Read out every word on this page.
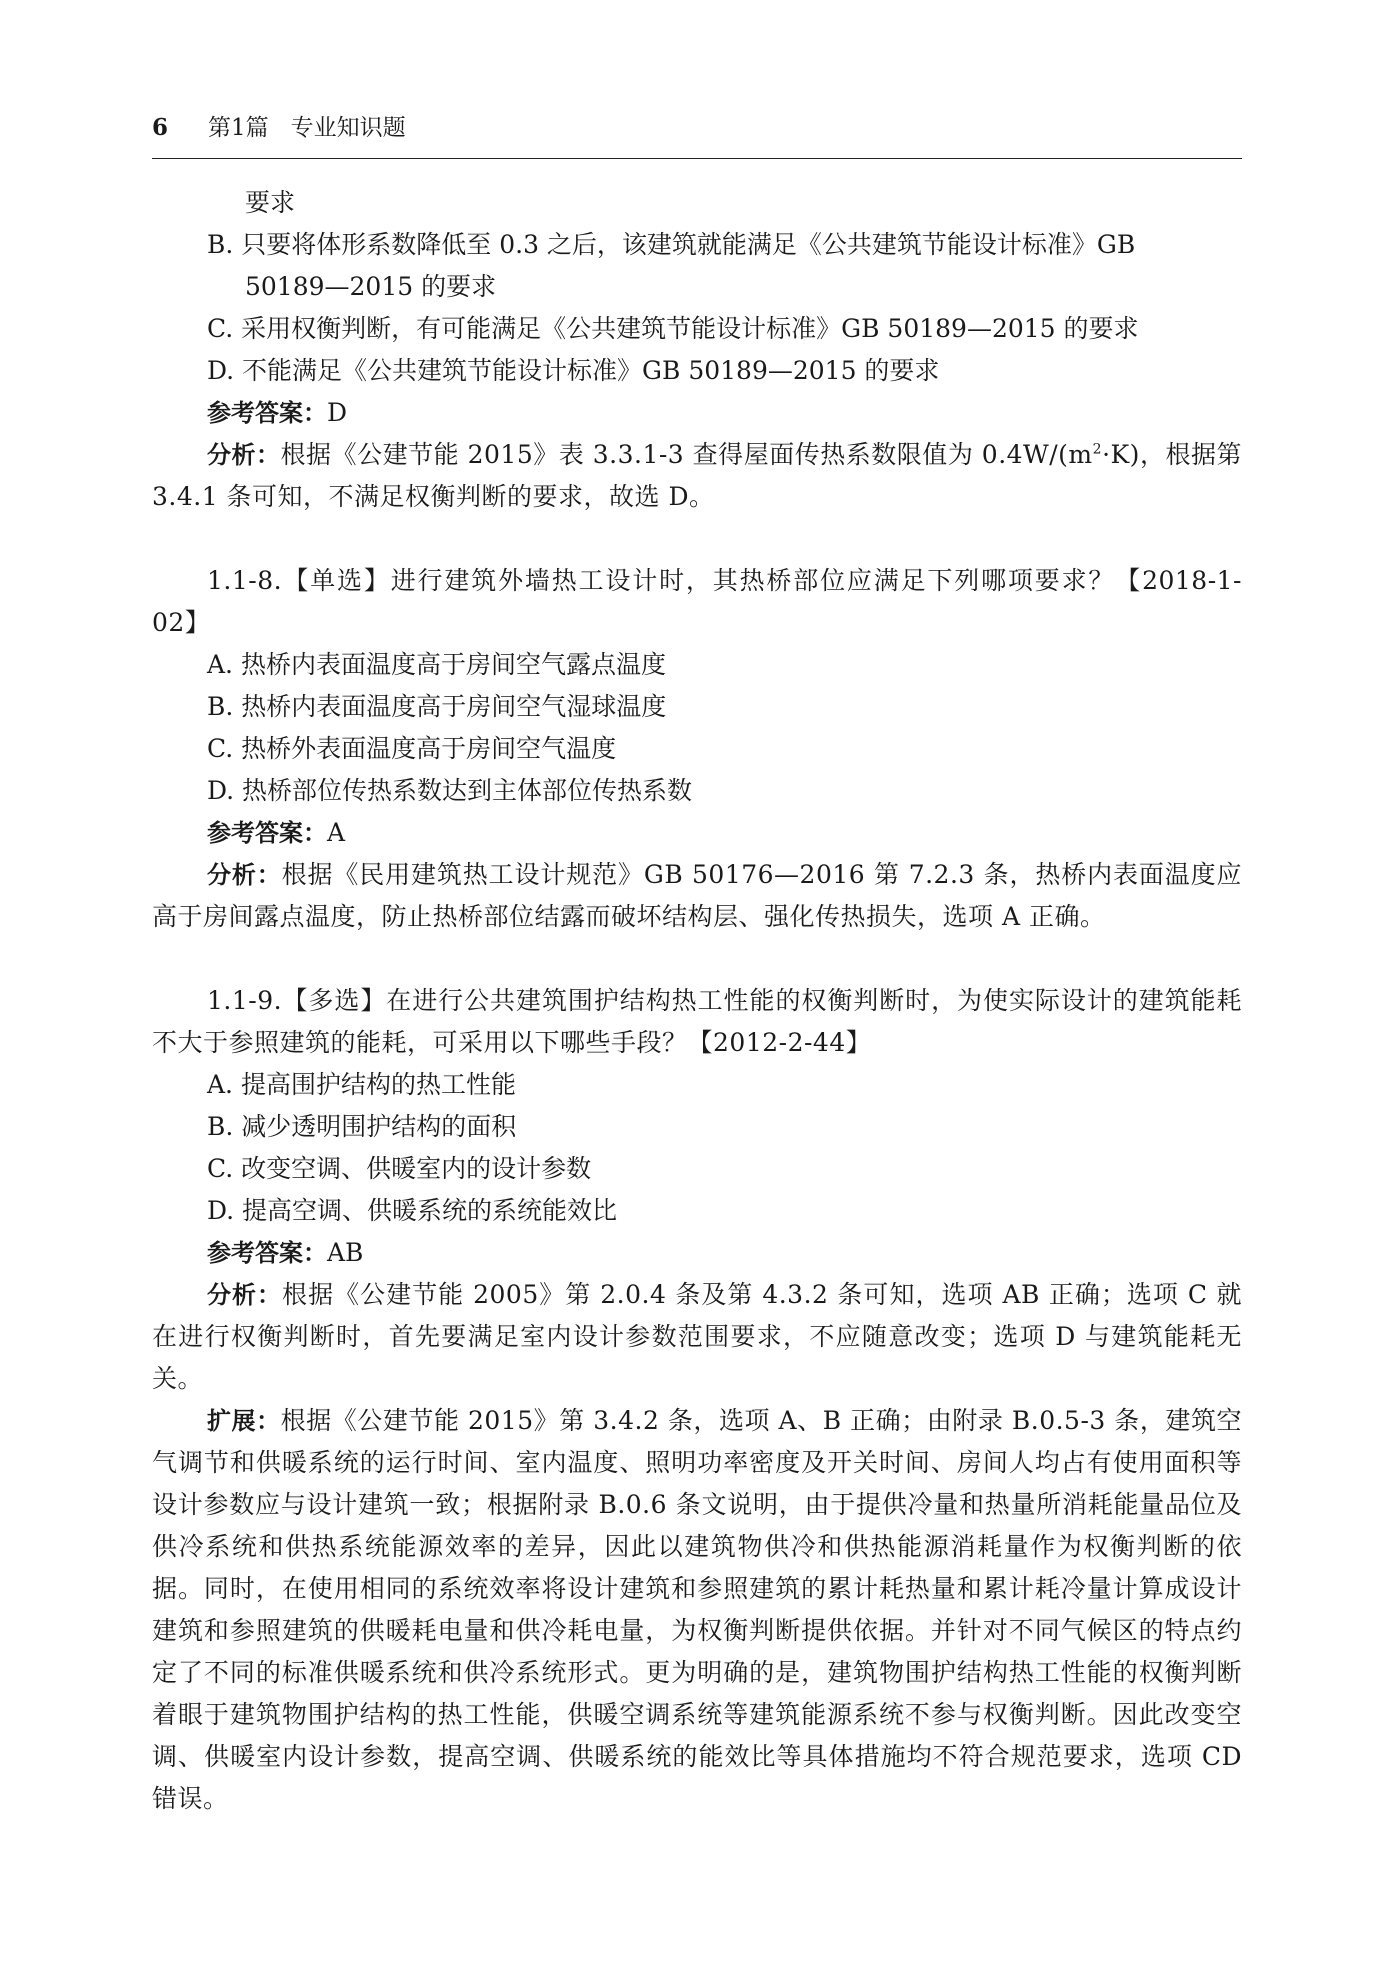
6 第1篇 专业知识题
要求
B. 只要将体形系数降低至 0.3 之后，该建筑就能满足《公共建筑节能设计标准》GB
50189—2015 的要求
C. 采用权衡判断，有可能满足《公共建筑节能设计标准》GB 50189—2015 的要求
D. 不能满足《公共建筑节能设计标准》GB 50189—2015 的要求
参考答案：D
分析：根据《公建节能 2015》表 3.3.1-3 查得屋面传热系数限值为 $0.4W/(m^2\cdot K)$，根据第 3.4.1 条可知，不满足权衡判断的要求，故选 D。
1.1-8.【单选】进行建筑外墙热工设计时，其热桥部位应满足下列哪项要求？【2018-1-02】
A. 热桥内表面温度高于房间空气露点温度
B. 热桥内表面温度高于房间空气湿球温度
C. 热桥外表面温度高于房间空气温度
D. 热桥部位传热系数达到主体部位传热系数
参考答案：A
分析：根据《民用建筑热工设计规范》GB 50176—2016 第 7.2.3 条，热桥内表面温度应高于房间露点温度，防止热桥部位结露而破坏结构层、强化传热损失，选项 A 正确。
1.1-9.【多选】在进行公共建筑围护结构热工性能的权衡判断时，为使实际设计的建筑能耗不大于参照建筑的能耗，可采用以下哪些手段？【2012-2-44】
A. 提高围护结构的热工性能
B. 减少透明围护结构的面积
C. 改变空调、供暖室内的设计参数
D. 提高空调、供暖系统的系统能效比
参考答案：AB
分析：根据《公建节能 2005》第 2.0.4 条及第 4.3.2 条可知，选项 AB 正确；选项 C 就在进行权衡判断时，首先要满足室内设计参数范围要求，不应随意改变；选项 D 与建筑能耗无关。
扩展：根据《公建节能 2015》第 3.4.2 条，选项 A、B 正确；由附录 B.0.5-3 条，建筑空气调节和供暖系统的运行时间、室内温度、照明功率密度及开关时间、房间人均占有使用面积等设计参数应与设计建筑一致；根据附录 B.0.6 条文说明，由于提供冷量和热量所消耗能量品位及供冷系统和供热系统能源效率的差异，因此以建筑物供冷和供热能源消耗量作为权衡判断的依据。同时，在使用相同的系统效率将设计建筑和参照建筑的累计耗热量和累计耗冷量计算成设计建筑和参照建筑的供暖耗电量和供冷耗电量，为权衡判断提供依据。并针对不同气候区的特点约定了不同的标准供暖系统和供冷系统形式。更为明确的是，建筑物围护结构热工性能的权衡判断着眼于建筑物围护结构的热工性能，供暖空调系统等建筑能源系统不参与权衡判断。因此改变空调、供暖室内设计参数，提高空调、供暖系统的能效比等具体措施均不符合规范要求，选项 CD 错误。
